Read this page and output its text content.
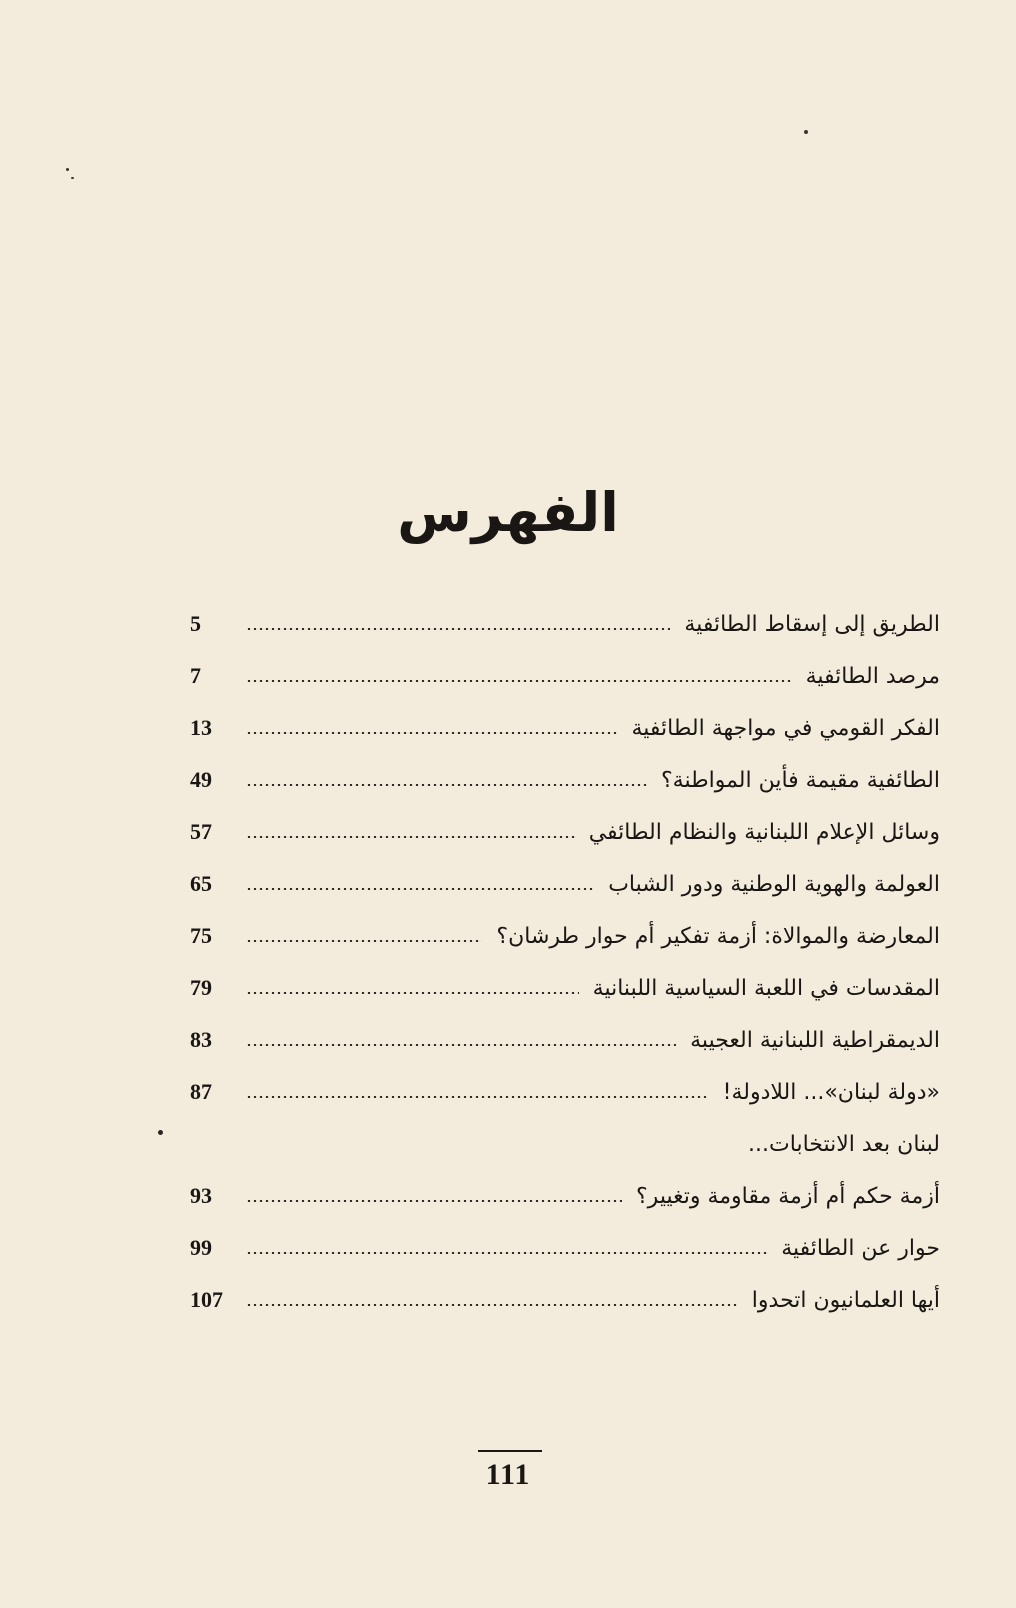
الفهرس
الطريق إلى إسقاط الطائفية
5
مرصد الطائفية
7
الفكر القومي في مواجهة الطائفية
13
الطائفية مقيمة فأين المواطنة؟
49
وسائل الإعلام اللبنانية والنظام الطائفي
57
العولمة والهوية الوطنية ودور الشباب
65
المعارضة والموالاة: أزمة تفكير أم حوار طرشان؟
75
المقدسات في اللعبة السياسية اللبنانية
79
الديمقراطية اللبنانية العجيبة
83
«دولة لبنان»... اللادولة!
87
لبنان بعد الانتخابات...
أزمة حكم أم أزمة مقاومة وتغيير؟
93
حوار عن الطائفية
99
أيها العلمانيون اتحدوا
107
111
